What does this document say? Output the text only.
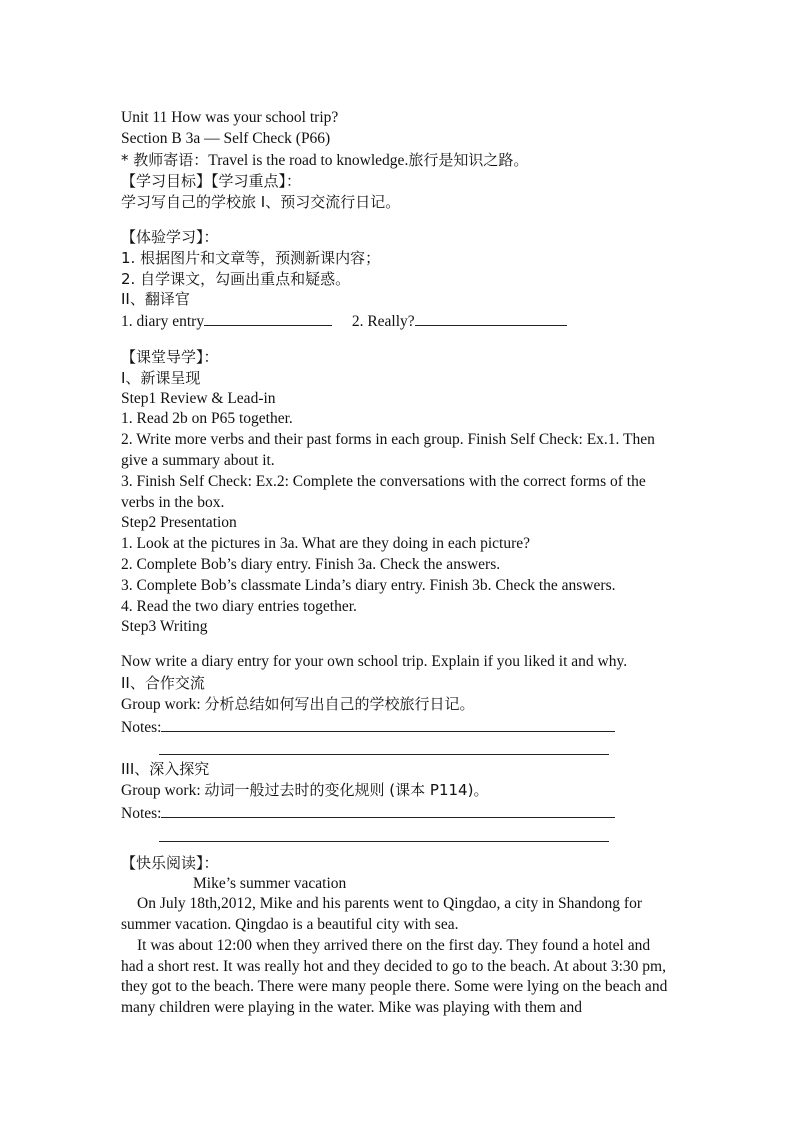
Unit 11 How was your school trip?
Section B 3a — Self Check (P66)
* 教师寄语：Travel is the road to knowledge.旅行是知识之路。
【学习目标】【学习重点】：
学习写自己的学校旅 I、预习交流行日记。
【体验学习】：
1. 根据图片和文章等，预测新课内容；
2. 自学课文，勾画出重点和疑惑。
II、翻译官
1. diary entry	2. Really?
【课堂导学】：
I、新课呈现
Step1 Review & Lead-in
1. Read 2b on P65 together.
2. Write more verbs and their past forms in each group. Finish Self Check: Ex.1. Then give a summary about it.
3. Finish Self Check: Ex.2: Complete the conversations with the correct forms of the verbs in the box.
Step2 Presentation
1. Look at the pictures in 3a. What are they doing in each picture?
2. Complete Bob’s diary entry. Finish 3a. Check the answers.
3. Complete Bob’s classmate Linda’s diary entry. Finish 3b. Check the answers.
4. Read the two diary entries together.
Step3 Writing
Now write a diary entry for your own school trip. Explain if you liked it and why.
II、合作交流
Group work: 分析总结如何写出自己的学校旅行日记。
Notes:
III、深入探究
Group work: 动词一般过去时的变化规则 (课本 P114)。
Notes:
【快乐阅读】：
Mike’s summer vacation
On July 18th,2012, Mike and his parents went to Qingdao, a city in Shandong for summer vacation. Qingdao is a beautiful city with sea.
It was about 12:00 when they arrived there on the first day. They found a hotel and had a short rest. It was really hot and they decided to go to the beach. At about 3:30 pm, they got to the beach. There were many people there. Some were lying on the beach and many children were playing in the water. Mike was playing with them and
